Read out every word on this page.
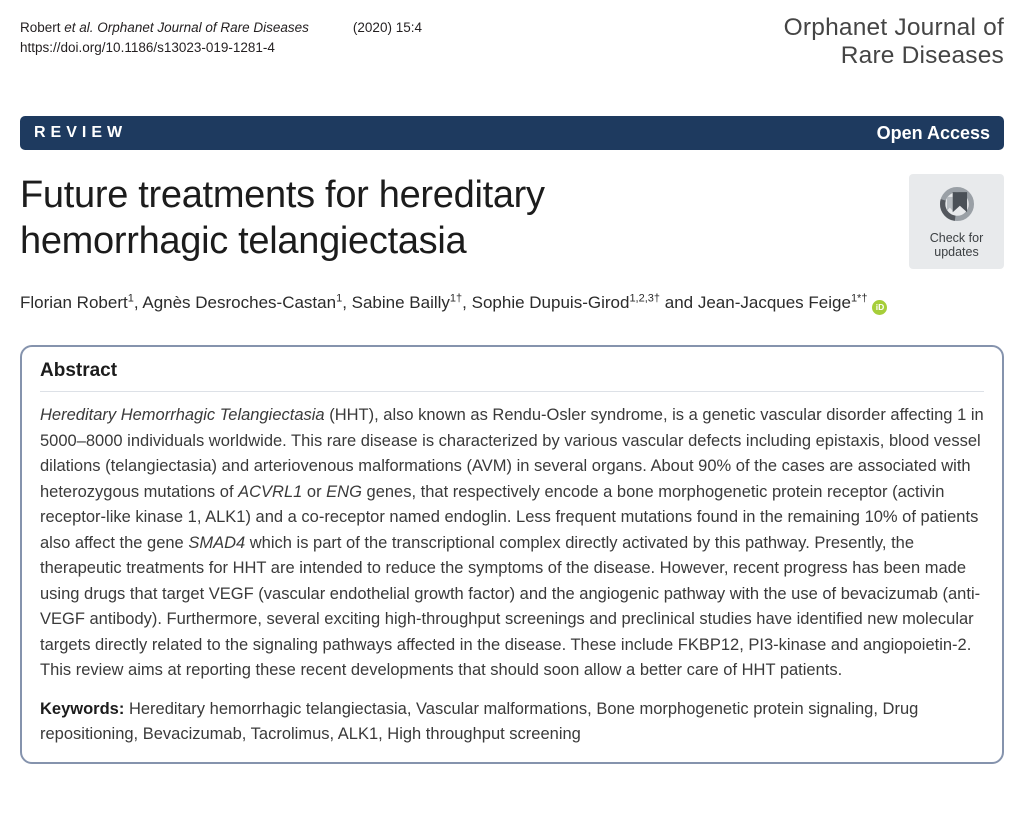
Robert et al. Orphanet Journal of Rare Diseases	(2020) 15:4
https://doi.org/10.1186/s13023-019-1281-4
Orphanet Journal of
Rare Diseases
REVIEW	Open Access
Future treatments for hereditary
hemorrhagic telangiectasia	Check for
updates
Florian Robert$^1$, Agnès Desroches-Castan$^1$, Sabine Bailly$^{1\dagger}$, Sophie Dupuis-Girod$^{1,2,3\dagger}$ and Jean-Jacques Feige$^{1*\dagger}$iD
Abstract

Hereditary Hemorrhagic Telangiectasia (HHT), also known as Rendu-Osler syndrome, is a genetic vascular disorder affecting 1 in 5000–8000 individuals worldwide. This rare disease is characterized by various vascular defects including epistaxis, blood vessel dilations (telangiectasia) and arteriovenous malformations (AVM) in several organs. About 90% of the cases are associated with heterozygous mutations of ACVRL1 or ENG genes, that respectively encode a bone morphogenetic protein receptor (activin receptor-like kinase 1, ALK1) and a co-receptor named endoglin. Less frequent mutations found in the remaining 10% of patients also affect the gene SMAD4 which is part of the transcriptional complex directly activated by this pathway. Presently, the therapeutic treatments for HHT are intended to reduce the symptoms of the disease. However, recent progress has been made using drugs that target VEGF (vascular endothelial growth factor) and the angiogenic pathway with the use of bevacizumab (anti-VEGF antibody). Furthermore, several exciting high-throughput screenings and preclinical studies have identified new molecular targets directly related to the signaling pathways affected in the disease. These include FKBP12, PI3-kinase and angiopoietin-2. This review aims at reporting these recent developments that should soon allow a better care of HHT patients.

Keywords: Hereditary hemorrhagic telangiectasia, Vascular malformations, Bone morphogenetic protein signaling, Drug repositioning, Bevacizumab, Tacrolimus, ALK1, High throughput screening
